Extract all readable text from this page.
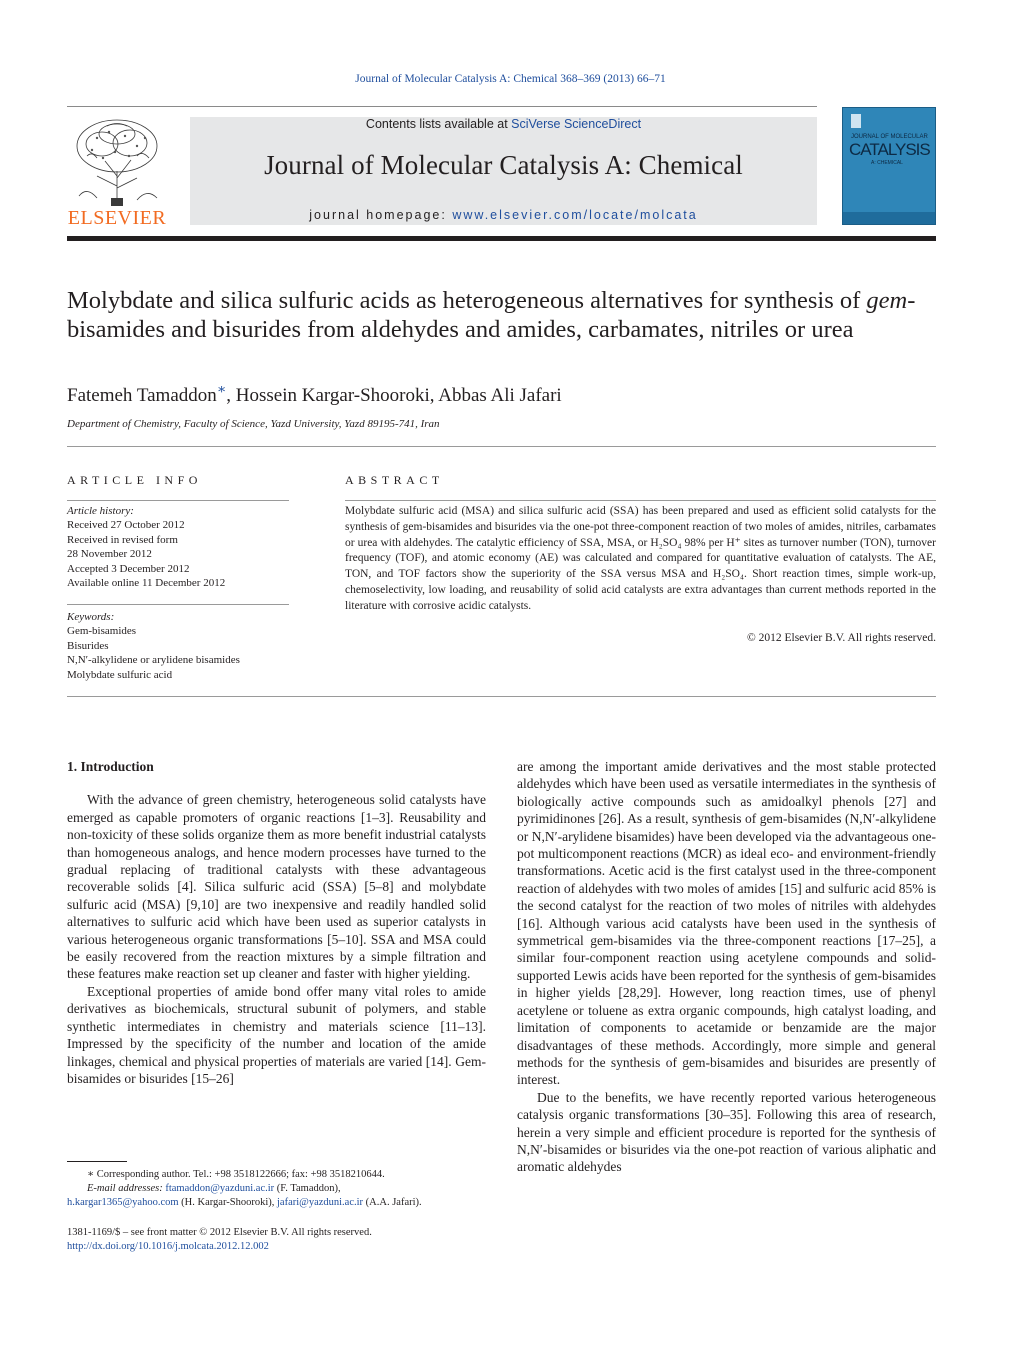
Journal of Molecular Catalysis A: Chemical 368–369 (2013) 66–71
ELSEVIER
Contents lists available at SciVerse ScienceDirect
Journal of Molecular Catalysis A: Chemical
journal homepage: www.elsevier.com/locate/molcata
JOURNAL OF MOLECULAR
CATALYSIS
A: CHEMICAL
Molybdate and silica sulfuric acids as heterogeneous alternatives for synthesis of gem-bisamides and bisurides from aldehydes and amides, carbamates, nitriles or urea
Fatemeh Tamaddon∗, Hossein Kargar-Shooroki, Abbas Ali Jafari
Department of Chemistry, Faculty of Science, Yazd University, Yazd 89195-741, Iran
ARTICLE INFO
Article history:
Received 27 October 2012
Received in revised form
28 November 2012
Accepted 3 December 2012
Available online 11 December 2012
Keywords:
Gem-bisamides
Bisurides
N,N′-alkylidene or arylidene bisamides
Molybdate sulfuric acid
ABSTRACT
Molybdate sulfuric acid (MSA) and silica sulfuric acid (SSA) has been prepared and used as efficient solid catalysts for the synthesis of gem-bisamides and bisurides via the one-pot three-component reaction of two moles of amides, nitriles, carbamates or urea with aldehydes. The catalytic efficiency of SSA, MSA, or H₂SO₄ 98% per H⁺ sites as turnover number (TON), turnover frequency (TOF), and atomic economy (AE) was calculated and compared for quantitative evaluation of catalysts. The AE, TON, and TOF factors show the superiority of the SSA versus MSA and H₂SO₄. Short reaction times, simple work-up, chemoselectivity, low loading, and reusability of solid acid catalysts are extra advantages than current methods reported in the literature with corrosive acidic catalysts.
© 2012 Elsevier B.V. All rights reserved.

1. Introduction

With the advance of green chemistry, heterogeneous solid catalysts have emerged as capable promoters of organic reactions [1–3]. Reusability and non-toxicity of these solids organize them as more benefit industrial catalysts than homogeneous analogs, and hence modern processes have turned to the gradual replacing of traditional catalysts with these advantageous recoverable solids [4]. Silica sulfuric acid (SSA) [5–8] and molybdate sulfuric acid (MSA) [9,10] are two inexpensive and readily handled solid alternatives to sulfuric acid which have been used as superior catalysts in various heterogeneous organic transformations [5–10]. SSA and MSA could be easily recovered from the reaction mixtures by a simple filtration and these features make reaction set up cleaner and faster with higher yielding.

Exceptional properties of amide bond offer many vital roles to amide derivatives as biochemicals, structural subunit of polymers, and stable synthetic intermediates in chemistry and materials science [11–13]. Impressed by the specificity of the number and location of the amide linkages, chemical and physical properties of materials are varied [14]. Gem-bisamides or bisurides [15–26]

are among the important amide derivatives and the most stable protected aldehydes which have been used as versatile intermediates in the synthesis of biologically active compounds such as amidoalkyl phenols [27] and pyrimidinones [26]. As a result, synthesis of gem-bisamides (N,N′-alkylidene or N,N′-arylidene bisamides) have been developed via the advantageous one-pot multicomponent reactions (MCR) as ideal eco- and environment-friendly transformations. Acetic acid is the first catalyst used in the three-component reaction of aldehydes with two moles of amides [15] and sulfuric acid 85% is the second catalyst for the reaction of two moles of nitriles with aldehydes [16]. Although various acid catalysts have been used in the synthesis of symmetrical gem-bisamides via the three-component reactions [17–25], a similar four-component reaction using acetylene compounds and solid-supported Lewis acids have been reported for the synthesis of gem-bisamides in higher yields [28,29]. However, long reaction times, use of phenyl acetylene or toluene as extra organic compounds, high catalyst loading, and limitation of components to acetamide or benzamide are the major disadvantages of these methods. Accordingly, more simple and general methods for the synthesis of gem-bisamides and bisurides are presently of interest.

Due to the benefits, we have recently reported various heterogeneous catalysis organic transformations [30–35]. Following this area of research, herein a very simple and efficient procedure is reported for the synthesis of N,N′-bisamides or bisurides via the one-pot reaction of various aliphatic and aromatic aldehydes

∗ Corresponding author. Tel.: +98 3518122666; fax: +98 3518210644.
E-mail addresses: ftamaddon@yazduni.ac.ir (F. Tamaddon),
h.kargar1365@yahoo.com (H. Kargar-Shooroki), jafari@yazduni.ac.ir (A.A. Jafari).
1381-1169/$ – see front matter © 2012 Elsevier B.V. All rights reserved.
http://dx.doi.org/10.1016/j.molcata.2012.12.002
